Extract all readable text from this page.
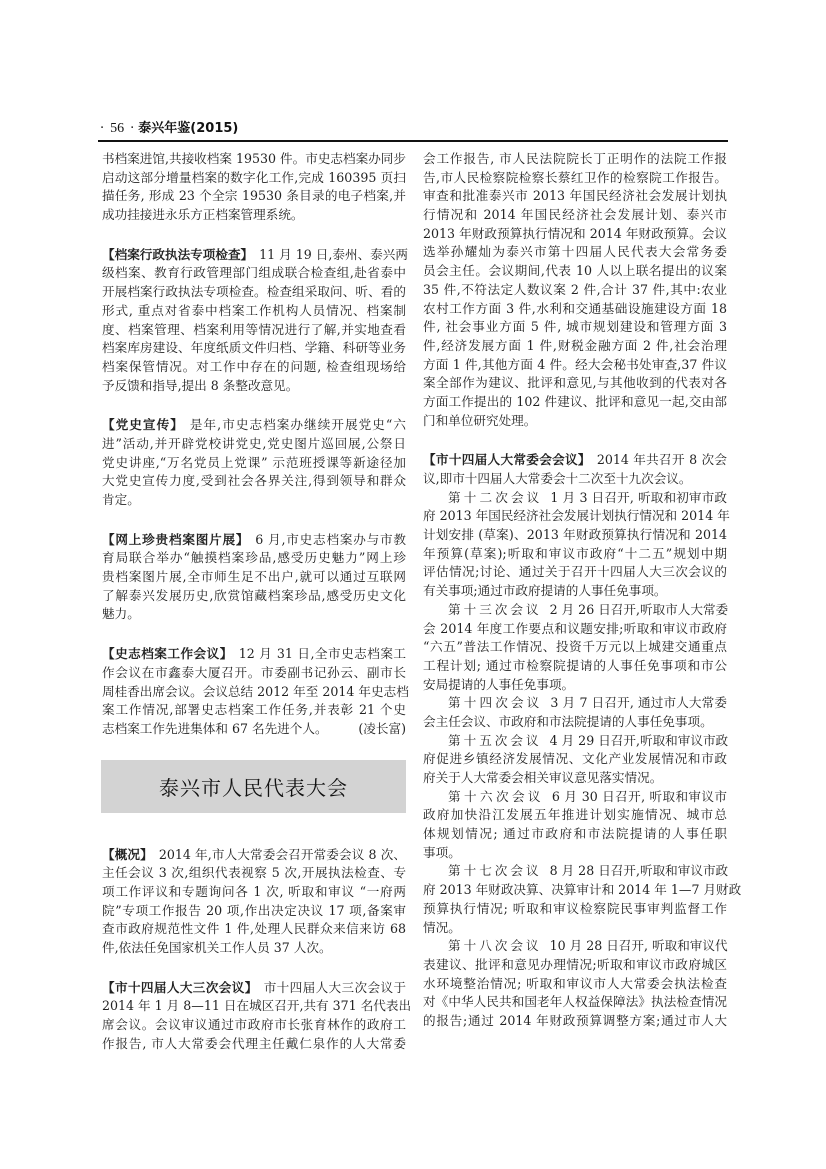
· 56 · 泰兴年鉴(2015)
书档案进馆,共接收档案 19530 件。市史志档案办同步
启动这部分增量档案的数字化工作,完成 160395 页扫
描任务, 形成 23 个全宗 19530 条目录的电子档案,并
成功挂接进永乐方正档案管理系统。
【档案行政执法专项检查】 11 月 19 日,泰州、泰兴两
级档案、教育行政管理部门组成联合检查组,赴省泰中
开展档案行政执法专项检查。检查组采取问、听、看的
形式, 重点对省泰中档案工作机构人员情况、档案制
度、档案管理、档案利用等情况进行了解,并实地查看
档案库房建设、年度纸质文件归档、学籍、科研等业务
档案保管情况。对工作中存在的问题, 检查组现场给
予反馈和指导,提出 8 条整改意见。
【党史宣传】 是年,市史志档案办继续开展党史“六
进”活动,并开辟党校讲党史,党史图片巡回展,公祭日
党史讲座,“万名党员上党课” 示范班授课等新途径加
大党史宣传力度,受到社会各界关注,得到领导和群众
肯定。
【网上珍贵档案图片展】 6 月,市史志档案办与市教
育局联合举办“触摸档案珍品,感受历史魅力”网上珍
贵档案图片展,全市师生足不出户,就可以通过互联网
了解泰兴发展历史,欣赏馆藏档案珍品,感受历史文化
魅力。
【史志档案工作会议】 12 月 31 日,全市史志档案工
作会议在市鑫泰大厦召开。市委副书记孙云、副市长
周桂香出席会议。会议总结 2012 年至 2014 年史志档
案工作情况,部署史志档案工作任务,并表彰 21 个史
志档案工作先进集体和 67 名先进个人。 (凌长富)
泰兴市人民代表大会
【概况】 2014 年,市人大常委会召开常委会议 8 次、
主任会议 3 次,组织代表视察 5 次,开展执法检查、专
项工作评议和专题询问各 1 次, 听取和审议 “一府两
院”专项工作报告 20 项,作出决定决议 17 项,备案审
查市政府规范性文件 1 件,处理人民群众来信来访 68
件,依法任免国家机关工作人员 37 人次。
【市十四届人大三次会议】 市十四届人大三次会议于
2014 年 1 月 8—11 日在城区召开,共有 371 名代表出
席会议。会议审议通过市政府市长张育林作的政府工
作报告, 市人大常委会代理主任戴仁泉作的人大常委
会工作报告, 市人民法院院长丁正明作的法院工作报
告,市人民检察院检察长蔡红卫作的检察院工作报告。
审查和批准泰兴市 2013 年国民经济社会发展计划执
行情况和 2014 年国民经济社会发展计划、泰兴市
2013 年财政预算执行情况和 2014 年财政预算。会议
选举孙耀灿为泰兴市第十四届人民代表大会常务委
员会主任。会议期间,代表 10 人以上联名提出的议案
35 件,不符法定人数议案 2 件,合计 37 件,其中:农业
农村工作方面 3 件,水利和交通基础设施建设方面 18
件, 社会事业方面 5 件, 城市规划建设和管理方面 3
件,经济发展方面 1 件,财税金融方面 2 件,社会治理
方面 1 件,其他方面 4 件。经大会秘书处审查,37 件议
案全部作为建议、批评和意见,与其他收到的代表对各
方面工作提出的 102 件建议、批评和意见一起,交由部
门和单位研究处理。
【市十四届人大常委会会议】 2014 年共召开 8 次会
议,即市十四届人大常委会十二次至十九次会议。
第十二次会议 1 月 3 日召开, 听取和初审市政
府 2013 年国民经济社会发展计划执行情况和 2014 年
计划安排 (草案)、2013 年财政预算执行情况和 2014
年预算(草案);听取和审议市政府“十二五”规划中期
评估情况;讨论、通过关于召开十四届人大三次会议的
有关事项;通过市政府提请的人事任免事项。
第十三次会议 2 月 26 日召开,听取市人大常委
会 2014 年度工作要点和议题安排;听取和审议市政府
“六五”普法工作情况、投资千万元以上城建交通重点
工程计划; 通过市检察院提请的人事任免事项和市公
安局提请的人事任免事项。
第十四次会议 3 月 7 日召开, 通过市人大常委
会主任会议、市政府和市法院提请的人事任免事项。
第十五次会议 4 月 29 日召开,听取和审议市政
府促进乡镇经济发展情况、文化产业发展情况和市政
府关于人大常委会相关审议意见落实情况。
第十六次会议 6 月 30 日召开, 听取和审议市
政府加快沿江发展五年推进计划实施情况、城市总
体规划情况; 通过市政府和市法院提请的人事任职
事项。
第十七次会议 8 月 28 日召开,听取和审议市政
府 2013 年财政决算、决算审计和 2014 年 1—7 月财政
预算执行情况; 听取和审议检察院民事审判监督工作
情况。
第十八次会议 10 月 28 日召开, 听取和审议代
表建议、批评和意见办理情况;听取和审议市政府城区
水环境整治情况; 听取和审议市人大常委会执法检查
对《中华人民共和国老年人权益保障法》执法检查情况
的报告;通过 2014 年财政预算调整方案;通过市人大
